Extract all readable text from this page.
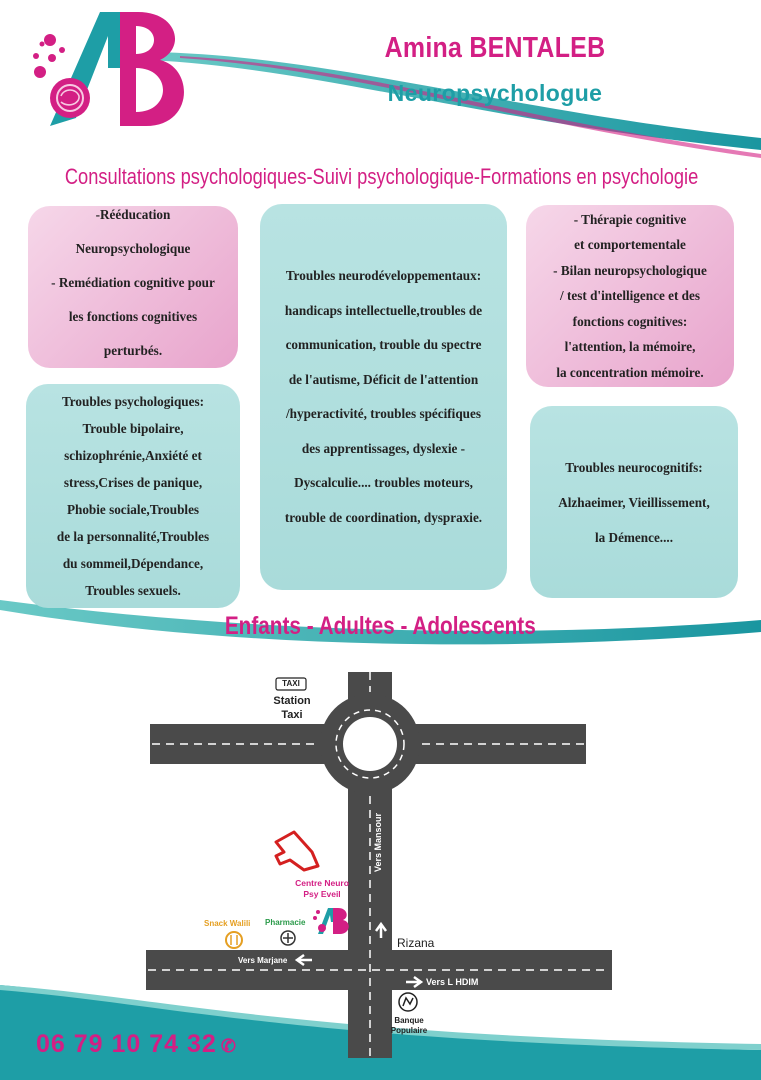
Amina BENTALEB
Neuropsychologue
Consultations psychologiques-Suivi psychologique-Formations en psychologie

-Rééducation

Neuropsychologique

- Remédiation cognitive pour

les fonctions cognitives

perturbés.

Troubles psychologiques:

Trouble bipolaire,

schizophrénie,Anxiété et

stress,Crises de panique,

Phobie sociale,Troubles

de la personnalité,Troubles

du sommeil,Dépendance,

Troubles sexuels.

Troubles neurodéveloppementaux:

handicaps intellectuelle,troubles de

communication, trouble du spectre

de l'autisme, Déficit de l'attention

/hyperactivité, troubles spécifiques

des apprentissages, dyslexie -

Dyscalculie.... troubles moteurs,

trouble de coordination, dyspraxie.

- Thérapie cognitive

et comportementale

- Bilan neuropsychologique

/ test d'intelligence et des

fonctions cognitives:

l'attention, la mémoire,

la concentration mémoire.

Troubles neurocognitifs:

Alzhaeimer, Vieillissement,

la Démence....

Enfants - Adultes - Adolescents
TAXI
Station
Taxi
Centre Neuro
Psy Eveil
Snack Walili Pharmacie
Vers Mansour
Rizana
Vers Marjane
Vers L HDIM
Banque
Populaire
06 79 10 74 32 ✆
